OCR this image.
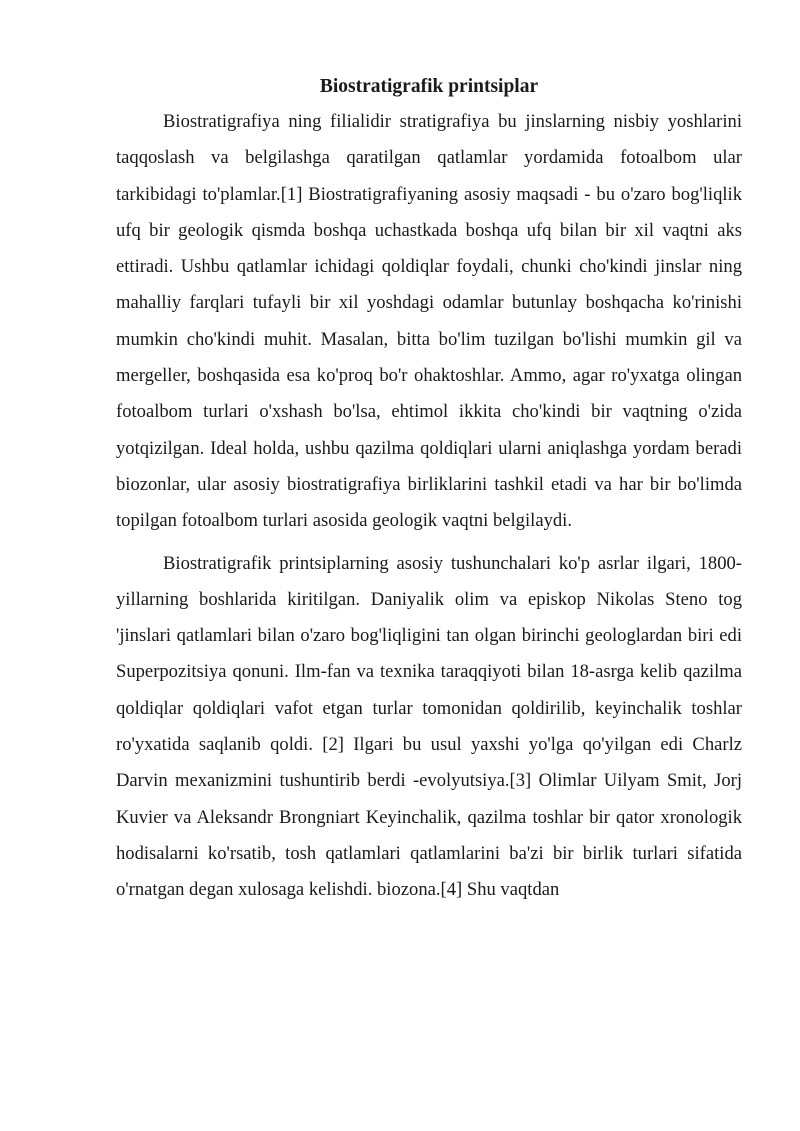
Biostratigrafik printsiplar

Biostratigrafiya ning filialidir stratigrafiya bu jinslarning nisbiy yoshlarini taqqoslash va belgilashga qaratilgan qatlamlar yordamida fotoalbom ular tarkibidagi to'plamlar.[1] Biostratigrafiyaning asosiy maqsadi - bu o'zaro bog'liqlik ufq bir geologik qismda boshqa uchastkada boshqa ufq bilan bir xil vaqtni aks ettiradi. Ushbu qatlamlar ichidagi qoldiqlar foydali, chunki cho'kindi jinslar ning mahalliy farqlari tufayli bir xil yoshdagi odamlar butunlay boshqacha ko'rinishi mumkin cho'kindi muhit. Masalan, bitta bo'lim tuzilgan bo'lishi mumkin gil va mergeller, boshqasida esa ko'proq bo'r ohaktoshlar. Ammo, agar ro'yxatga olingan fotoalbom turlari o'xshash bo'lsa, ehtimol ikkita cho'kindi bir vaqtning o'zida yotqizilgan. Ideal holda, ushbu qazilma qoldiqlari ularni aniqlashga yordam beradi biozonlar, ular asosiy biostratigrafiya birliklarini tashkil etadi va har bir bo'limda topilgan fotoalbom turlari asosida geologik vaqtni belgilaydi.

Biostratigrafik printsiplarning asosiy tushunchalari ko'p asrlar ilgari, 1800-yillarning boshlarida kiritilgan. Daniyalik olim va episkop Nikolas Steno tog 'jinslari qatlamlari bilan o'zaro bog'liqligini tan olgan birinchi geologlardan biri edi Superpozitsiya qonuni. Ilm-fan va texnika taraqqiyoti bilan 18-asrga kelib qazilma qoldiqlar qoldiqlari vafot etgan turlar tomonidan qoldirilib, keyinchalik toshlar ro'yxatida saqlanib qoldi. [2] Ilgari bu usul yaxshi yo'lga qo'yilgan edi Charlz Darvin mexanizmini tushuntirib berdi -evolyutsiya.[3] Olimlar Uilyam Smit, Jorj Kuvier va Aleksandr Brongniart Keyinchalik, qazilma toshlar bir qator xronologik hodisalarni ko'rsatib, tosh qatlamlari qatlamlarini ba'zi bir birlik turlari sifatida o'rnatgan degan xulosaga kelishdi. biozona.[4] Shu vaqtdan
